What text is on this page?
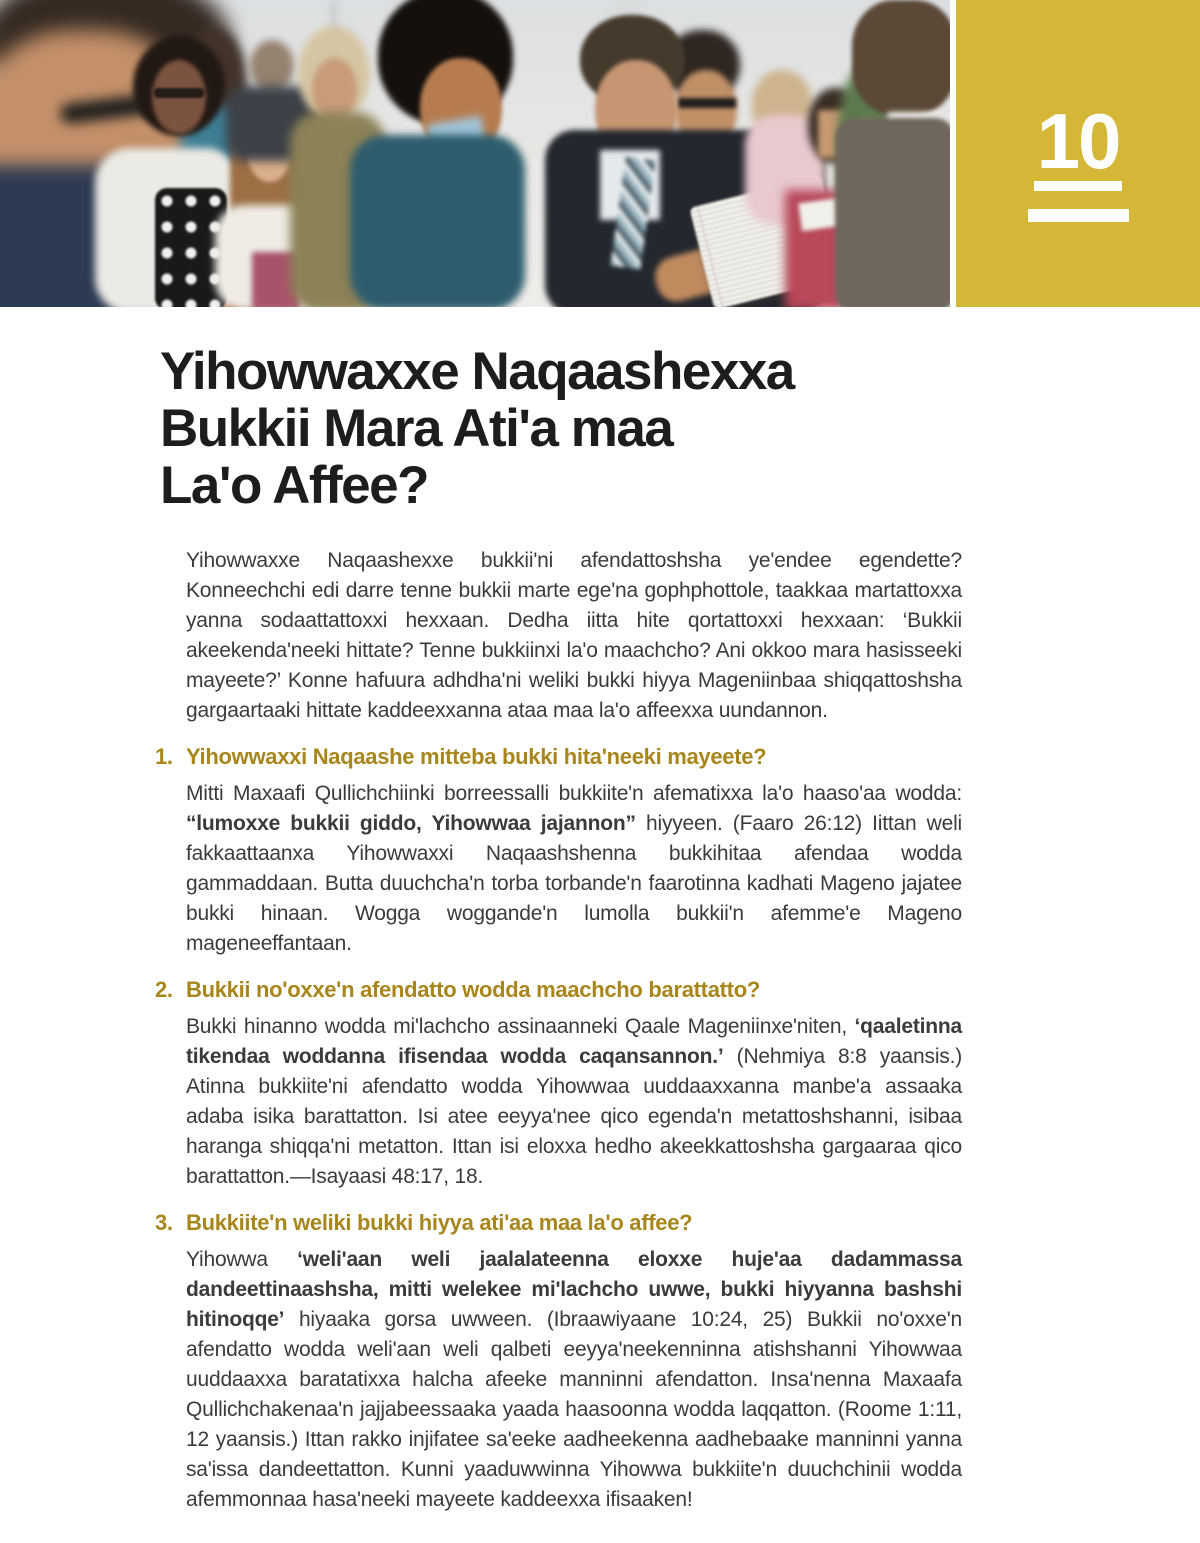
10
Yihowwaxxe Naqaashexxa
Bukkii Mara Ati'a maa
La'o Affee?

Yihowwaxxe Naqaashexxe bukkii'ni afendattoshsha ye'endee egendette? Konneechchi edi darre tenne bukkii marte ege'na gophphottole, taakkaa martattoxxa yanna sodaattattoxxi hexxaan. Dedha iitta hite qortattoxxi hexxaan: ‘Bukkii akeekenda'neeki hittate? Tenne bukkiinxi la'o maachcho? Ani okkoo mara hasisseeki mayeete?’ Konne hafuura adhdha'ni weliki bukki hiyya Mageniinbaa shiqqattoshsha gargaartaaki hittate kaddeexxanna ataa maa la'o affeexxa uundannon.

1. Yihowwaxxi Naqaashe mitteba bukki hita'neeki mayeete?

Mitti Maxaafi Qullichchiinki borreessalli bukkiite'n afematixxa la'o haaso'aa wodda: “lumoxxe bukkii giddo, Yihowwaa jajannon” hiyyeen. (Faaro 26:12) Iittan weli fakkaattaanxa Yihowwaxxi Naqaashshenna bukkihitaa afendaa wodda gammaddaan. Butta duuchcha'n torba torbande'n faarotinna kadhati Mageno jajatee bukki hinaan. Wogga woggande'n lumolla bukkii'n afemme'e Mageno mageneeffantaan.

2. Bukkii no'oxxe'n afendatto wodda maachcho barattatto?

Bukki hinanno wodda mi'lachcho assinaanneki Qaale Mageniinxe'niten, ‘qaaletinna tikendaa woddanna ifisendaa wodda caqansannon.’ (Nehmiya 8:8 yaansis.) Atinna bukkiite'ni afendatto wodda Yihowwaa uuddaaxxanna manbe'a assaaka adaba isika barattatton. Isi atee eeyya'nee qico egenda'n metattoshshanni, isibaa haranga shiqqa'ni metatton. Ittan isi eloxxa hedho akeekkattoshsha gargaaraa qico barattatton.—Isayaasi 48:17, 18.

3. Bukkiite'n weliki bukki hiyya ati'aa maa la'o affee?

Yihowwa ‘weli'aan weli jaalalateenna eloxxe huje'aa dadammassa dandeettinaashsha, mitti welekee mi'lachcho uwwe, bukki hiyyanna bashshi hitinoqqe’ hiyaaka gorsa uwween. (Ibraawiyaane 10:24, 25) Bukkii no'oxxe'n afendatto wodda weli'aan weli qalbeti eeyya'neekenninna atishshanni Yihowwaa uuddaaxxa baratatixxa halcha afeeke manninni afendatton. Insa'nenna Maxaafa Qullichchakenaa'n jajjabeessaaka yaada haasoonna wodda laqqatton. (Roome 1:11, 12 yaansis.) Ittan rakko injifatee sa'eeke aadheekenna aadhebaake manninni yanna sa'issa dandeettatton. Kunni yaaduwwinna Yihowwa bukkiite'n duuchchinii wodda afemmonnaa hasa'neeki mayeete kaddeexxa ifisaaken!
